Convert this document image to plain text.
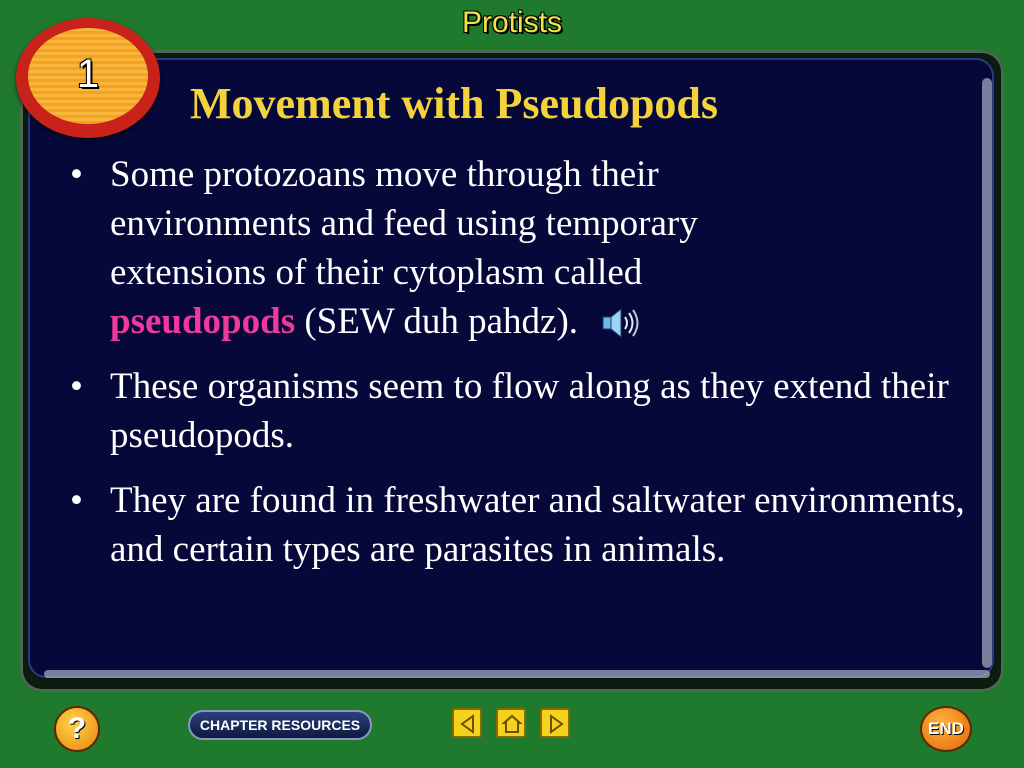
Protists
1
Movement with Pseudopods
• Some protozoans move through their
environments and feed using temporary
extensions of their cytoplasm called
pseudopods (SEW duh pahdz).
• These organisms seem to flow along as they extend their pseudopods.
• They are found in freshwater and saltwater environments, and certain types are parasites in animals.
?	CHAPTER RESOURCES	END
